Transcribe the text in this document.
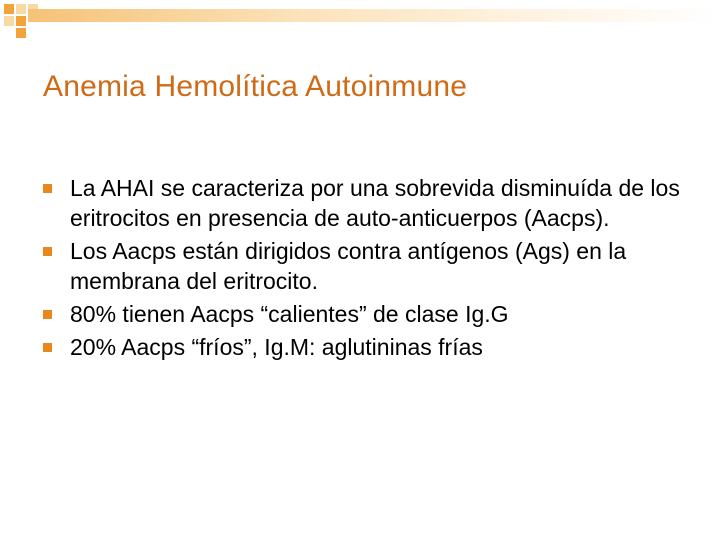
Anemia Hemolítica Autoinmune
La AHAI se caracteriza por una sobrevida disminuída de los eritrocitos en presencia de auto-anticuerpos (Aacps).
Los Aacps están dirigidos contra antígenos (Ags) en la membrana del eritrocito.
80% tienen Aacps “calientes” de clase Ig.G
20% Aacps “fríos”, Ig.M: aglutininas frías
